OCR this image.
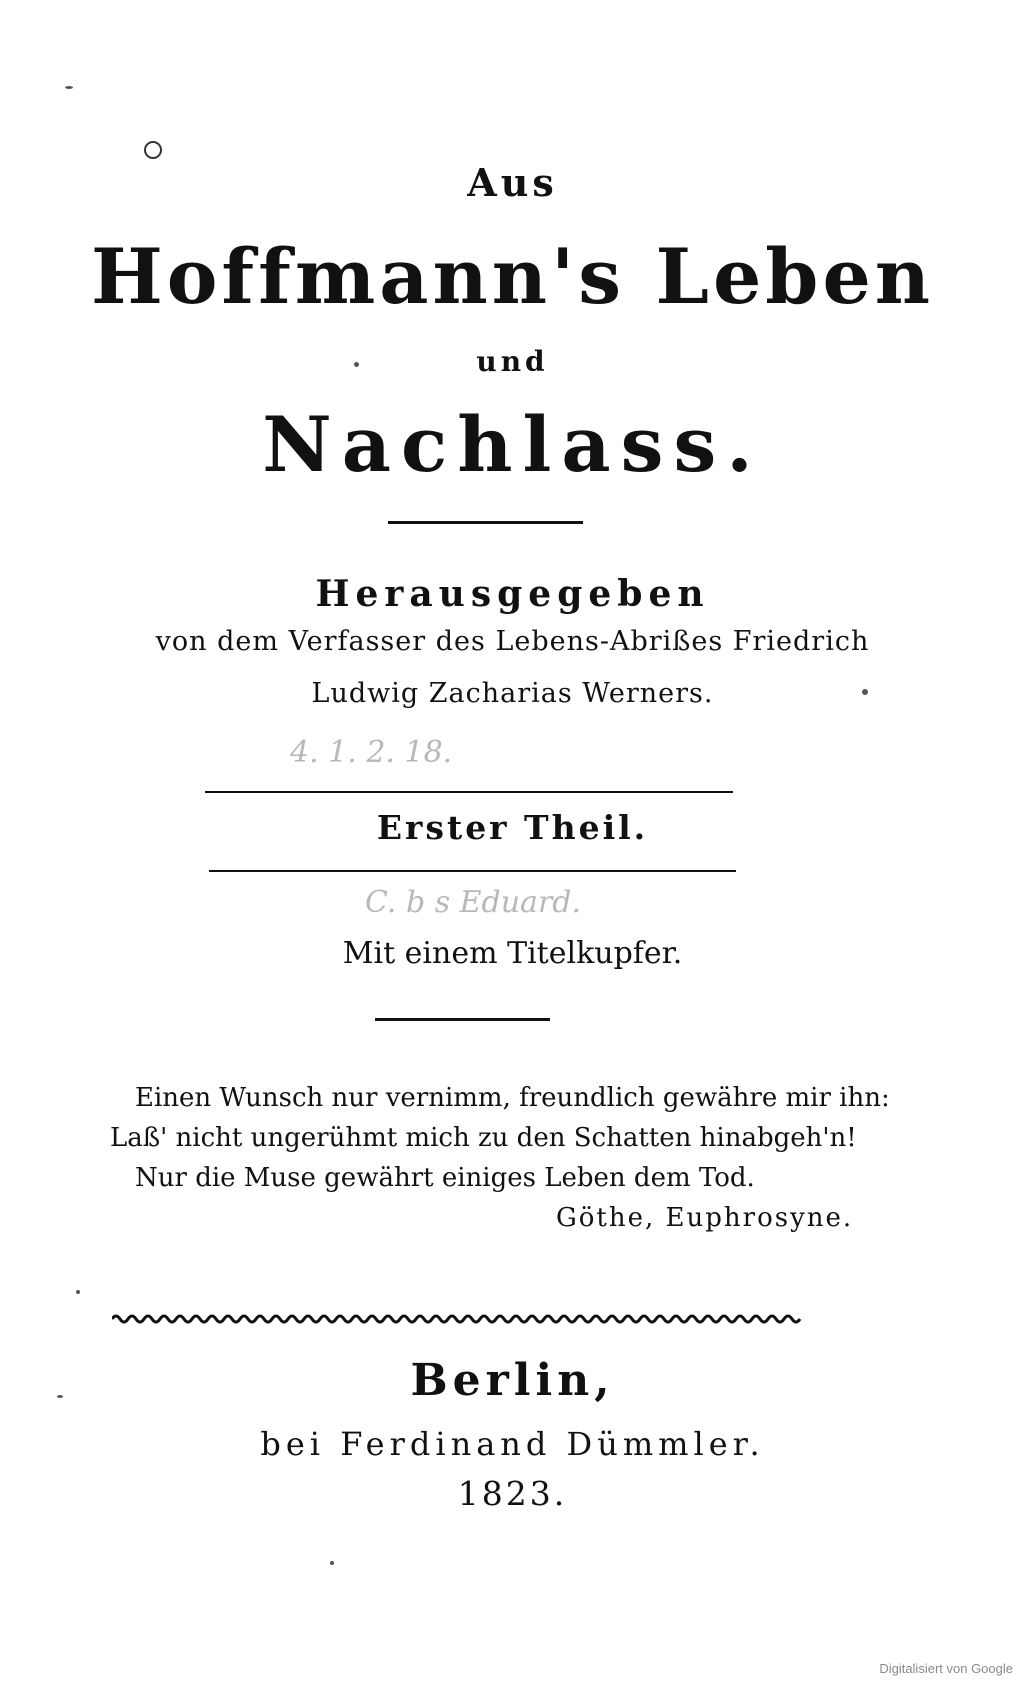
Aus
Hoffmann's Leben
und
Nachlass.
Herausgegeben
von dem Verfasser des Lebens-Abrißes Friedrich
Ludwig Zacharias Werners.
4. 1. 2. 18.
Erster Theil.
C. b s Eduard.
Mit einem Titelkupfer.
Einen Wunsch nur vernimm, freundlich gewähre mir ihn:
Laß' nicht ungerühmt mich zu den Schatten hinabgeh'n!
Nur die Muse gewährt einiges Leben dem Tod.
Göthe, Euphrosyne.
Berlin,
bei Ferdinand Dümmler.
1823.
Digitalisiert von Google
